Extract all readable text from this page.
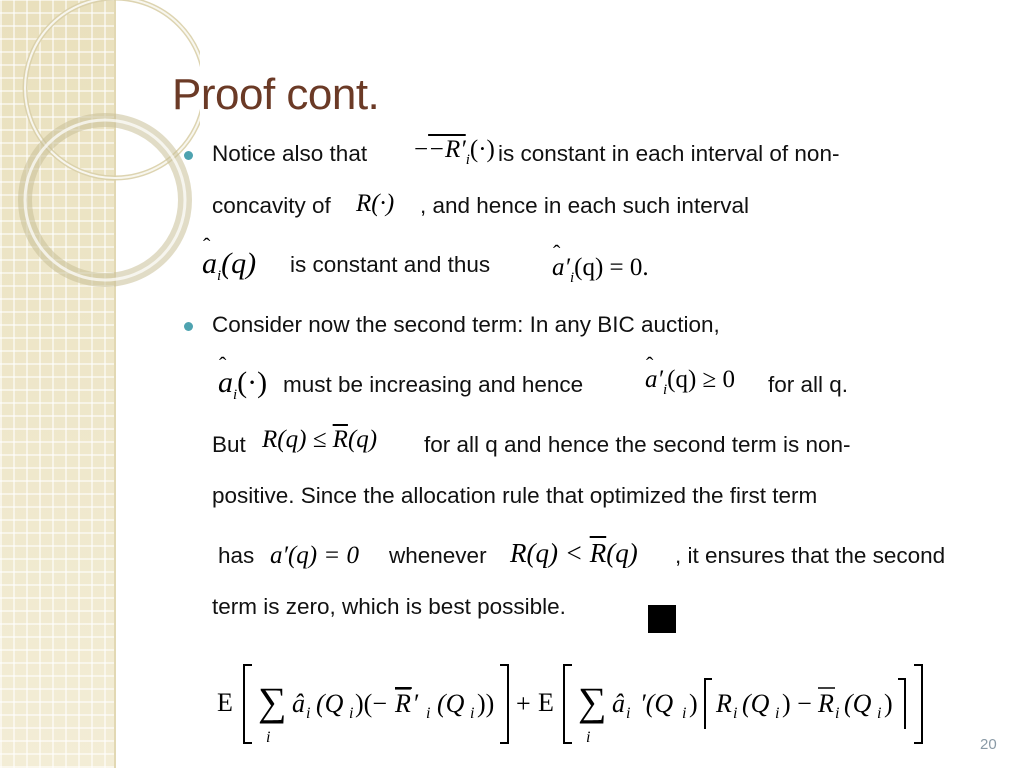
Proof cont.
Notice also that $--R'_i(\cdot)$ is constant in each interval of non-
concavity of R(·) , and hence in each such interval
ˆ $a_i(q)$ is constant and thus ˆ $a'_i(q) = 0$.
Consider now the second term: In any BIC auction,
ˆ $a_i(\cdot)$ must be increasing and hence ˆ $a'_i(q) \ge 0$ for all q.
But $R(q) \le \overline{R}(q)$ for all q and hence the second term is non-
positive. Since the allocation rule that optimized the first term
has a′(q) = 0 whenever $R(q) < \overline{R}(q)$ , it ensures that the second
term is zero, which is best possible.
E ∑
i
â i (Q i )(− R ′ i (Q i )) + E ∑
i
â i ′(Q i ) R i (Q i ) − R i (Q i )
20
